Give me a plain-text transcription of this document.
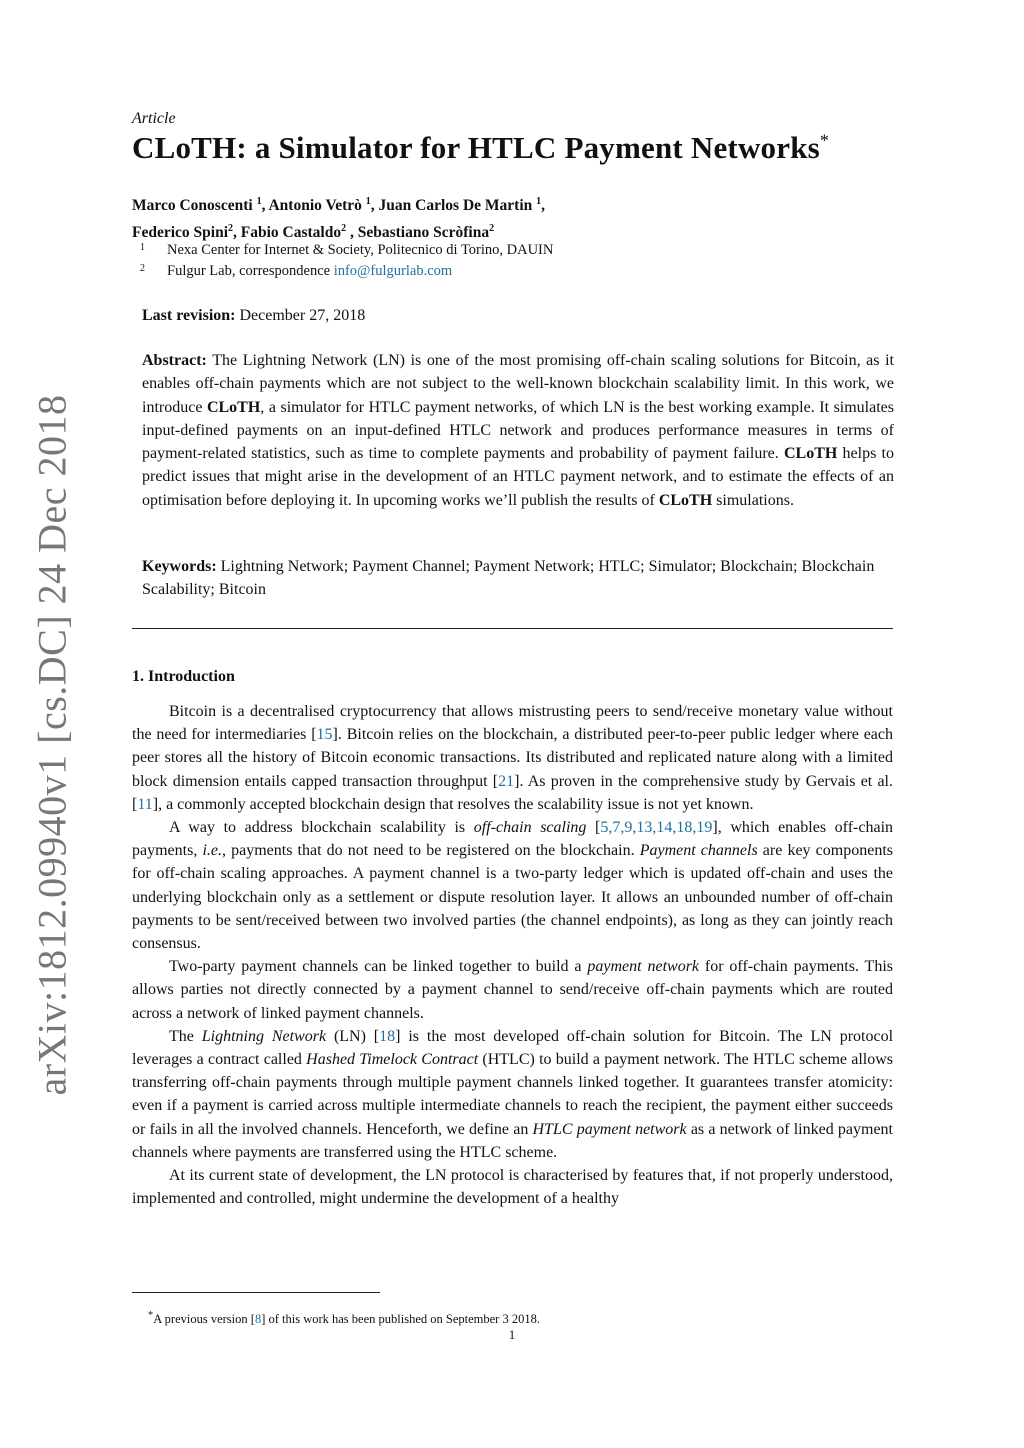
arXiv:1812.09940v1 [cs.DC] 24 Dec 2018
Article
CLoTH: a Simulator for HTLC Payment Networks*
Marco Conoscenti $^1$, Antonio Vetrò $^1$, Juan Carlos De Martin $^1$,
Federico Spini$^2$, Fabio Castaldo$^2$ , Sebastiano Scròfina$^2$
1 Nexa Center for Internet & Society, Politecnico di Torino, DAUIN
2 Fulgur Lab, correspondence info@fulgurlab.com
Last revision: December 27, 2018
Abstract: The Lightning Network (LN) is one of the most promising off-chain scaling solutions for Bitcoin, as it enables off-chain payments which are not subject to the well-known blockchain scalability limit. In this work, we introduce CLoTH, a simulator for HTLC payment networks, of which LN is the best working example. It simulates input-defined payments on an input-defined HTLC network and produces performance measures in terms of payment-related statistics, such as time to complete payments and probability of payment failure. CLoTH helps to predict issues that might arise in the development of an HTLC payment network, and to estimate the effects of an optimisation before deploying it. In upcoming works we’ll publish the results of CLoTH simulations.
Keywords: Lightning Network; Payment Channel; Payment Network; HTLC; Simulator; Blockchain; Blockchain Scalability; Bitcoin
1. Introduction

Bitcoin is a decentralised cryptocurrency that allows mistrusting peers to send/receive monetary value without the need for intermediaries [15]. Bitcoin relies on the blockchain, a distributed peer-to-peer public ledger where each peer stores all the history of Bitcoin economic transactions. Its distributed and replicated nature along with a limited block dimension entails capped transaction throughput [21]. As proven in the comprehensive study by Gervais et al. [11], a commonly accepted blockchain design that resolves the scalability issue is not yet known.

A way to address blockchain scalability is off-chain scaling [5,7,9,13,14,18,19], which enables off-chain payments, i.e., payments that do not need to be registered on the blockchain. Payment channels are key components for off-chain scaling approaches. A payment channel is a two-party ledger which is updated off-chain and uses the underlying blockchain only as a settlement or dispute resolution layer. It allows an unbounded number of off-chain payments to be sent/received between two involved parties (the channel endpoints), as long as they can jointly reach consensus.

Two-party payment channels can be linked together to build a payment network for off-chain payments. This allows parties not directly connected by a payment channel to send/receive off-chain payments which are routed across a network of linked payment channels.

The Lightning Network (LN) [18] is the most developed off-chain solution for Bitcoin. The LN protocol leverages a contract called Hashed Timelock Contract (HTLC) to build a payment network. The HTLC scheme allows transferring off-chain payments through multiple payment channels linked together. It guarantees transfer atomicity: even if a payment is carried across multiple intermediate channels to reach the recipient, the payment either succeeds or fails in all the involved channels. Henceforth, we define an HTLC payment network as a network of linked payment channels where payments are transferred using the HTLC scheme.

At its current state of development, the LN protocol is characterised by features that, if not properly understood, implemented and controlled, might undermine the development of a healthy

*A previous version [8] of this work has been published on September 3 2018.
1
